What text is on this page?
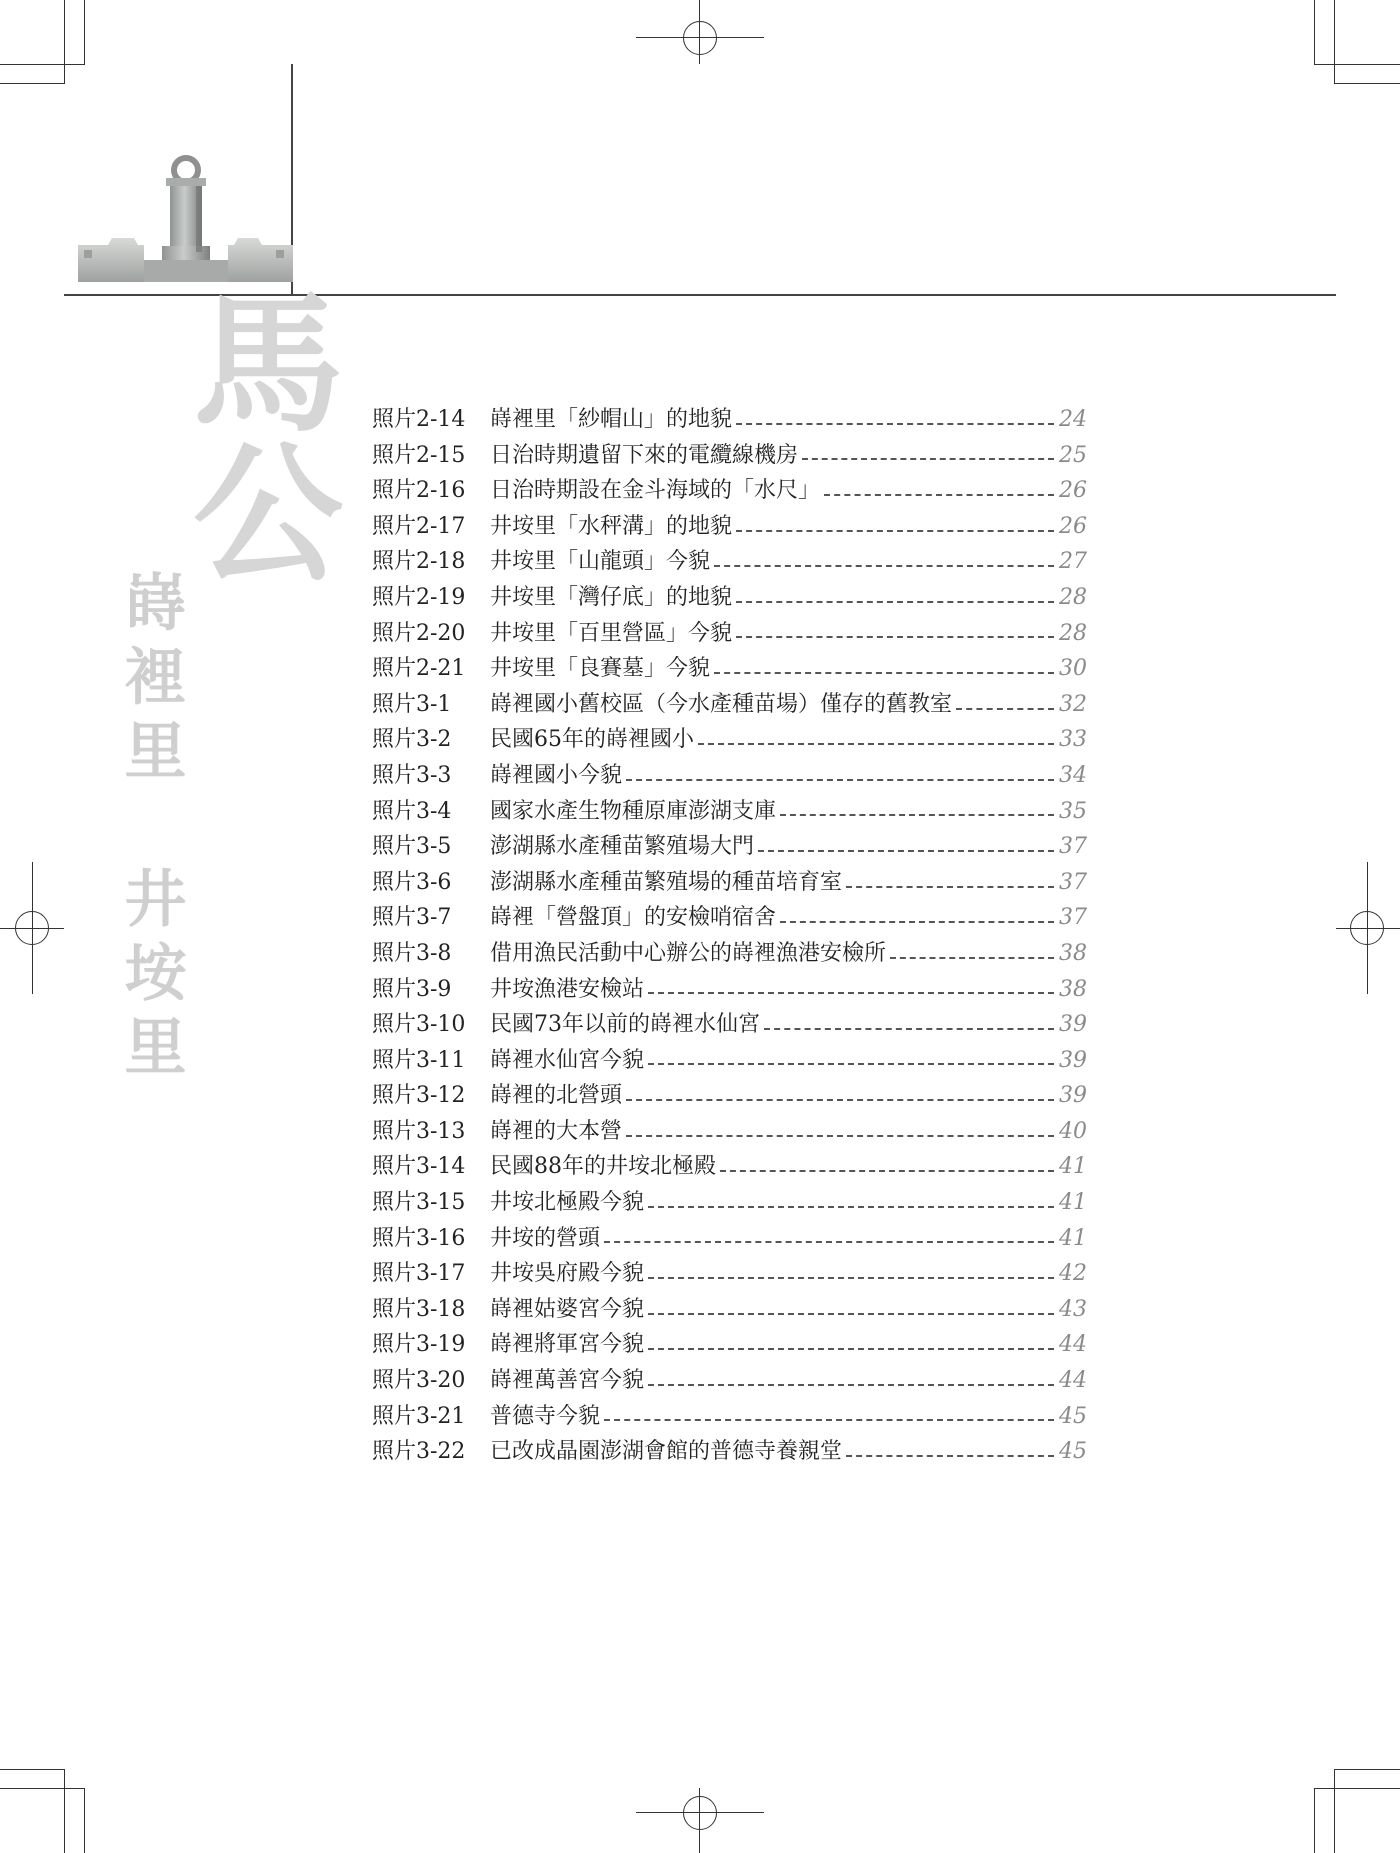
馬公
嵵裡里　井垵里
照片2-14	嵵裡里「紗帽山」的地貌	24
照片2-15	日治時期遺留下來的電纜線機房	25
照片2-16	日治時期設在金斗海域的「水尺」	26
照片2-17	井垵里「水秤溝」的地貌	26
照片2-18	井垵里「山龍頭」今貌	27
照片2-19	井垵里「灣仔底」的地貌	28
照片2-20	井垵里「百里營區」今貌	28
照片2-21	井垵里「良賽墓」今貌	30
照片3-1	嵵裡國小舊校區（今水產種苗場）僅存的舊教室	32
照片3-2	民國65年的嵵裡國小	33
照片3-3	嵵裡國小今貌	34
照片3-4	國家水產生物種原庫澎湖支庫	35
照片3-5	澎湖縣水產種苗繁殖場大門	37
照片3-6	澎湖縣水產種苗繁殖場的種苗培育室	37
照片3-7	嵵裡「營盤頂」的安檢哨宿舍	37
照片3-8	借用漁民活動中心辦公的嵵裡漁港安檢所	38
照片3-9	井垵漁港安檢站	38
照片3-10	民國73年以前的嵵裡水仙宮	39
照片3-11	嵵裡水仙宮今貌	39
照片3-12	嵵裡的北營頭	39
照片3-13	嵵裡的大本營	40
照片3-14	民國88年的井垵北極殿	41
照片3-15	井垵北極殿今貌	41
照片3-16	井垵的營頭	41
照片3-17	井垵吳府殿今貌	42
照片3-18	嵵裡姑婆宮今貌	43
照片3-19	嵵裡將軍宮今貌	44
照片3-20	嵵裡萬善宮今貌	44
照片3-21	普德寺今貌	45
照片3-22	已改成晶園澎湖會館的普德寺養親堂	45
